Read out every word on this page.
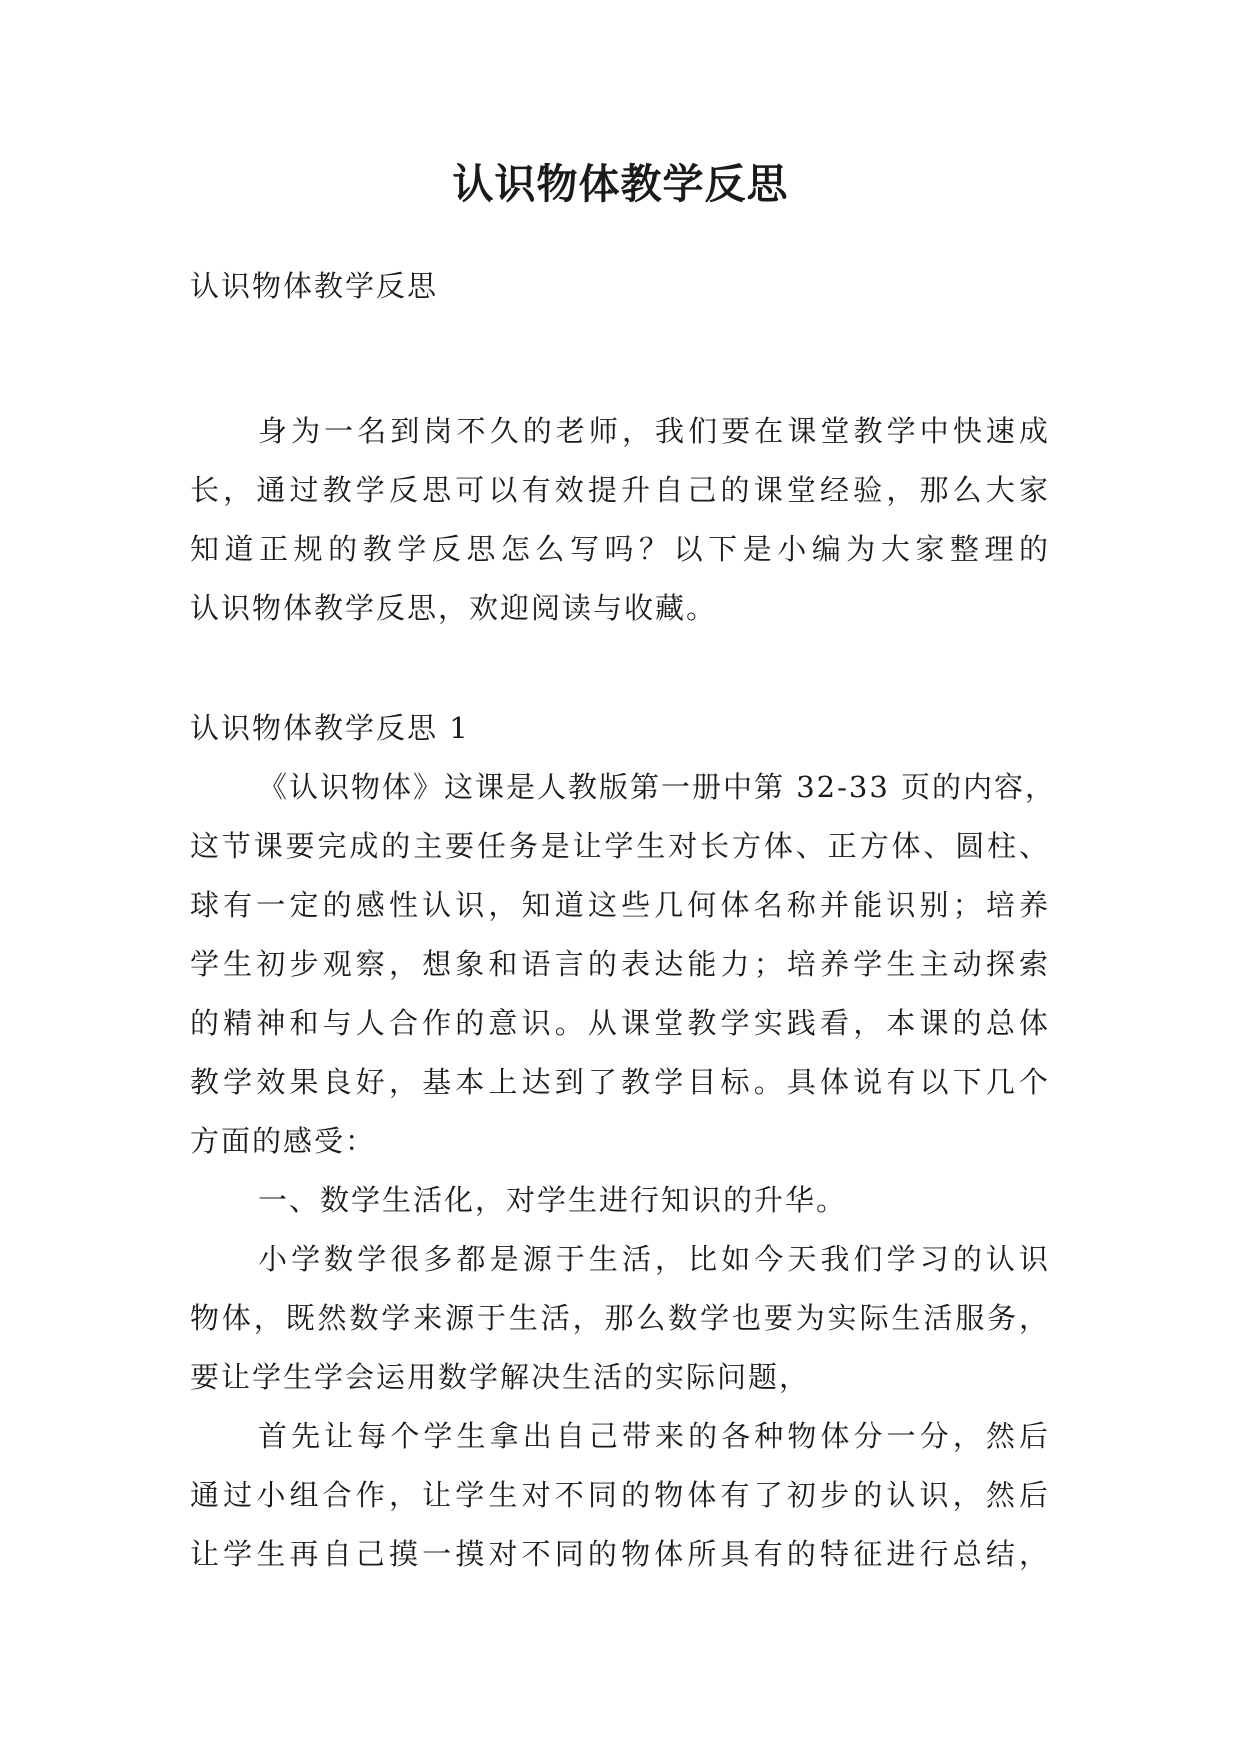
认识物体教学反思
认识物体教学反思
身为一名到岗不久的老师，我们要在课堂教学中快速成
长，通过教学反思可以有效提升自己的课堂经验，那么大家
知道正规的教学反思怎么写吗？以下是小编为大家整理的
认识物体教学反思，欢迎阅读与收藏。
认识物体教学反思 1
《认识物体》这课是人教版第一册中第 32-33 页的内容，
这节课要完成的主要任务是让学生对长方体、正方体、圆柱、
球有一定的感性认识，知道这些几何体名称并能识别；培养
学生初步观察，想象和语言的表达能力；培养学生主动探索
的精神和与人合作的意识。从课堂教学实践看，本课的总体
教学效果良好，基本上达到了教学目标。具体说有以下几个
方面的感受：
一、数学生活化，对学生进行知识的升华。
小学数学很多都是源于生活，比如今天我们学习的认识
物体，既然数学来源于生活，那么数学也要为实际生活服务，
要让学生学会运用数学解决生活的实际问题，
首先让每个学生拿出自己带来的各种物体分一分，然后
通过小组合作，让学生对不同的物体有了初步的认识，然后
让学生再自己摸一摸对不同的物体所具有的特征进行总结，
